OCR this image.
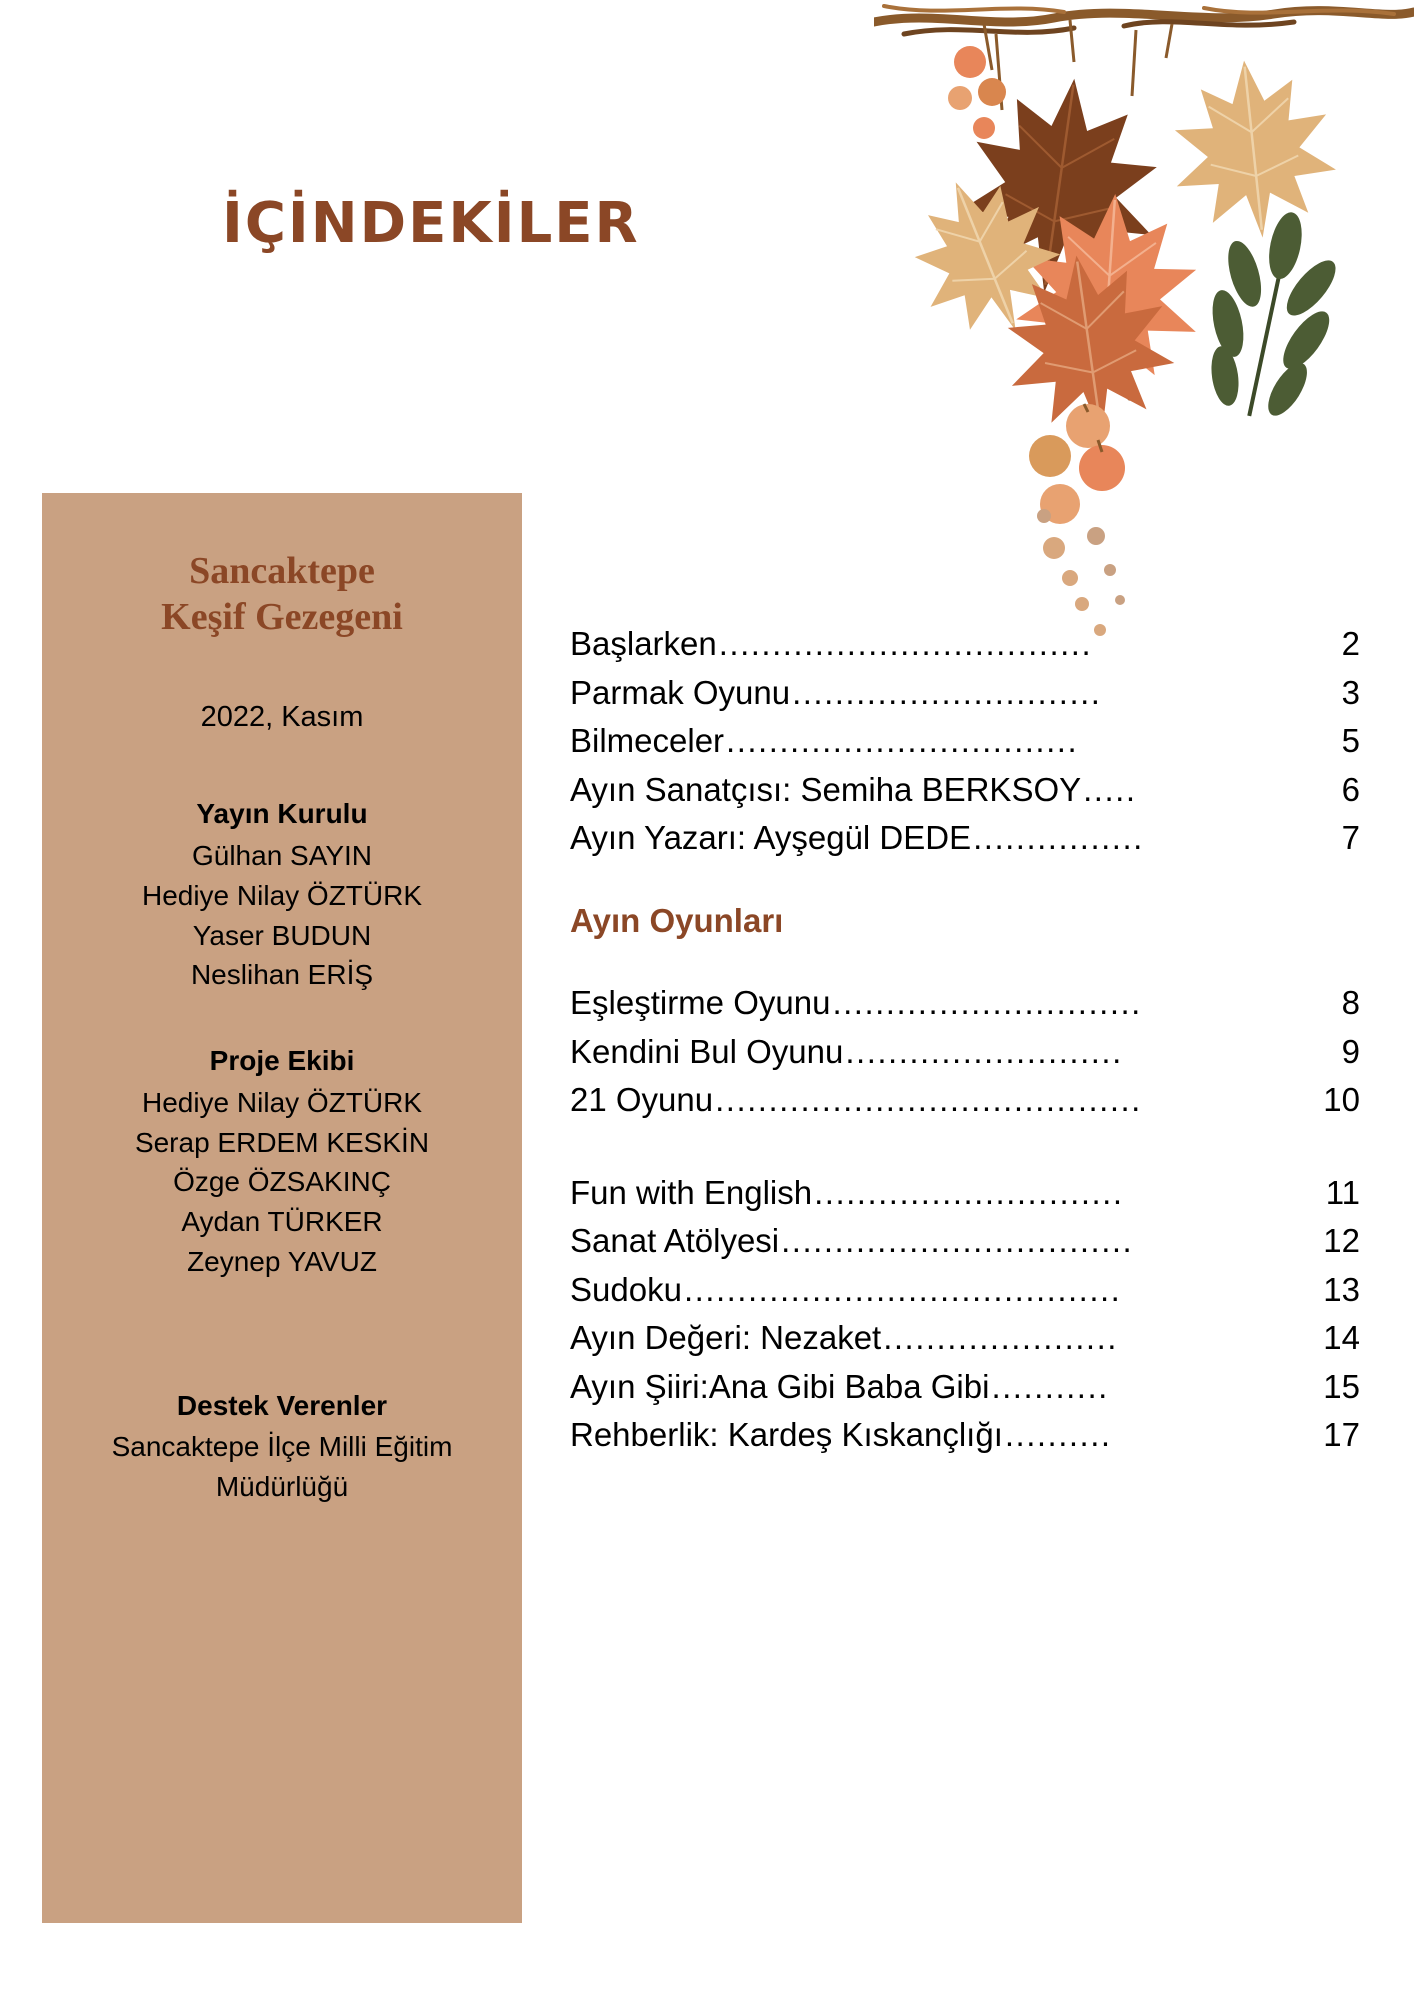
İÇİNDEKİLER
Sancaktepe
Keşif Gezegeni
2022, Kasım
Yayın Kurulu
Gülhan SAYIN
Hediye Nilay ÖZTÜRK
Yaser BUDUN
Neslihan ERİŞ
Proje Ekibi
Hediye Nilay ÖZTÜRK
Serap ERDEM KESKİN
Özge ÖZSAKINÇ
Aydan TÜRKER
Zeynep YAVUZ
Destek Verenler
Sancaktepe İlçe Milli Eğitim
Müdürlüğü
Başlarken ...................................	2
Parmak Oyunu .............................	3
Bilmeceler .................................	5
Ayın Sanatçısı: Semiha BERKSOY .....	6
Ayın Yazarı: Ayşegül DEDE ................	7
Ayın Oyunları
Eşleştirme Oyunu .............................	8
Kendini Bul Oyunu ..........................	9
21 Oyunu ........................................	10
Fun with English .............................	11
Sanat Atölyesi .................................	12
Sudoku .........................................	13
Ayın Değeri: Nezaket ......................	14
Ayın Şiiri:Ana Gibi Baba Gibi ...........	15
Rehberlik: Kardeş Kıskançlığı ..........	17
